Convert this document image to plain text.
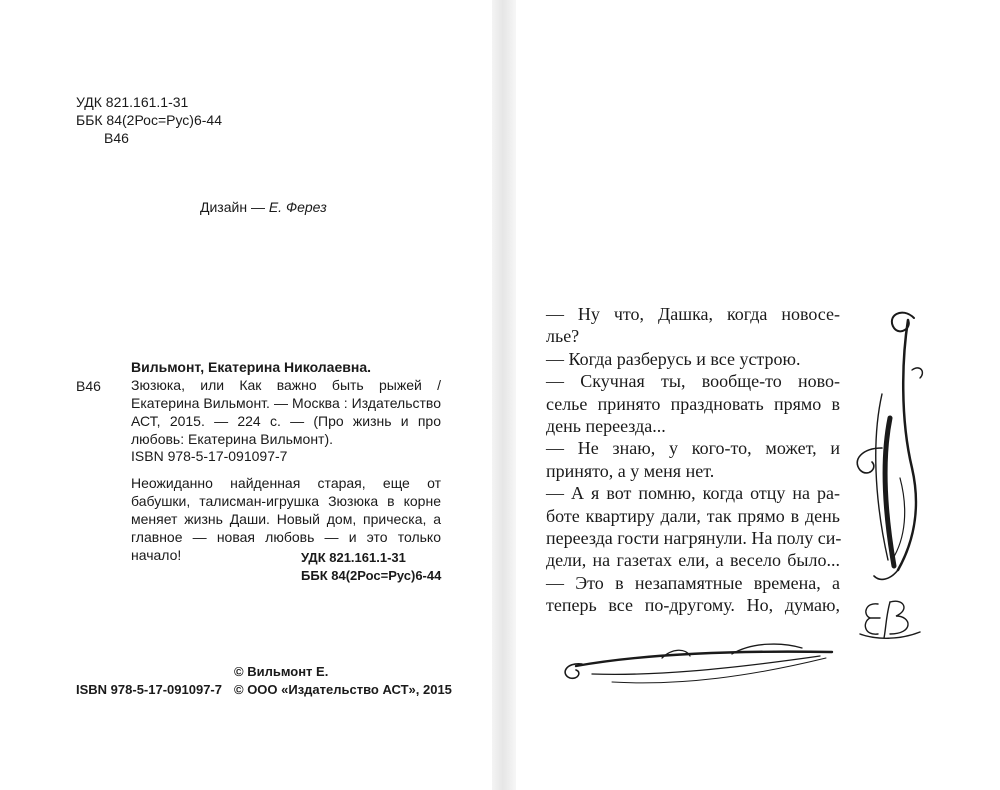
УДК 821.161.1-31
ББК 84(2Рос=Рус)6-44
В46
Дизайн — Е. Ферез
Вильмонт, Екатерина Николаевна.
В46 Зюзюка, или Как важно быть рыжей / Екатерина Вильмонт. — Москва : Издательство АСТ, 2015. — 224 с. — (Про жизнь и про любовь: Екатерина Вильмонт).
ISBN 978-5-17-091097-7
Неожиданно найденная старая, еще от бабушки, талисман-игрушка Зюзюка в корне меняет жизнь Даши. Новый дом, прическа, а главное — новая любовь — и это только начало!	УДК 821.161.1-31
ББК 84(2Рос=Рус)6-44
ISBN 978-5-17-091097-7
© Вильмонт Е.
© ООО «Издательство АСТ», 2015
— Ну что, Дашка, когда новосе-
лье?
— Когда разберусь и все устрою.
— Скучная ты, вообще-то ново-
селье принято праздновать прямо в
день переезда...
— Не знаю, у кого-то, может, и
принято, а у меня нет.
— А я вот помню, когда отцу на ра-
боте квартиру дали, так прямо в день
переезда гости нагрянули. На полу си-
дели, на газетах ели, а весело было...
— Это в незапамятные времена, а
теперь все по-другому. Но, думаю,
